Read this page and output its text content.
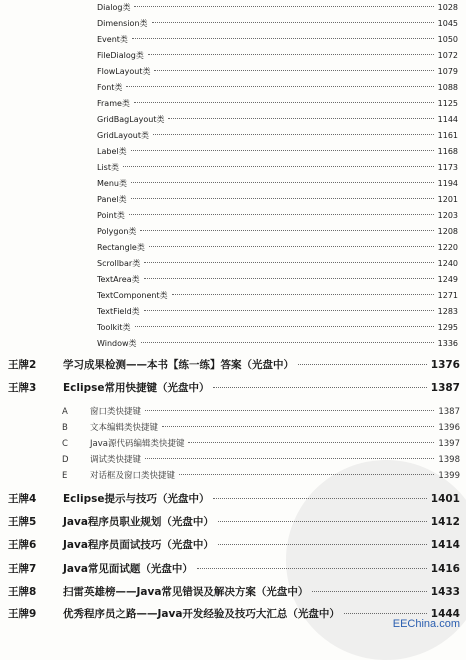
Dialog类	1028
Dimension类	1045
Event类	1050
FileDialog类	1072
FlowLayout类	1079
Font类	1088
Frame类	1125
GridBagLayout类	1144
GridLayout类	1161
Label类	1168
List类	1173
Menu类	1194
Panel类	1201
Point类	1203
Polygon类	1208
Rectangle类	1220
Scrollbar类	1240
TextArea类	1249
TextComponent类	1271
TextField类	1283
Toolkit类	1295
Window类	1336
王牌2	学习成果检测——本书【练一练】答案（光盘中）	1376
王牌3	Eclipse常用快捷键（光盘中）	1387
A	窗口类快捷键	1387
B	文本编辑类快捷键	1396
C	Java源代码编辑类快捷键	1397
D	调试类快捷键	1398
E	对话框及窗口类快捷键	1399
王牌4	Eclipse提示与技巧（光盘中）	1401
王牌5	Java程序员职业规划（光盘中）	1412
王牌6	Java程序员面试技巧（光盘中）	1414
王牌7	Java常见面试题（光盘中）	1416
王牌8	扫雷英雄榜——Java常见错误及解决方案（光盘中）	1433
王牌9	优秀程序员之路——Java开发经验及技巧大汇总（光盘中）	1444
EEChina.com
